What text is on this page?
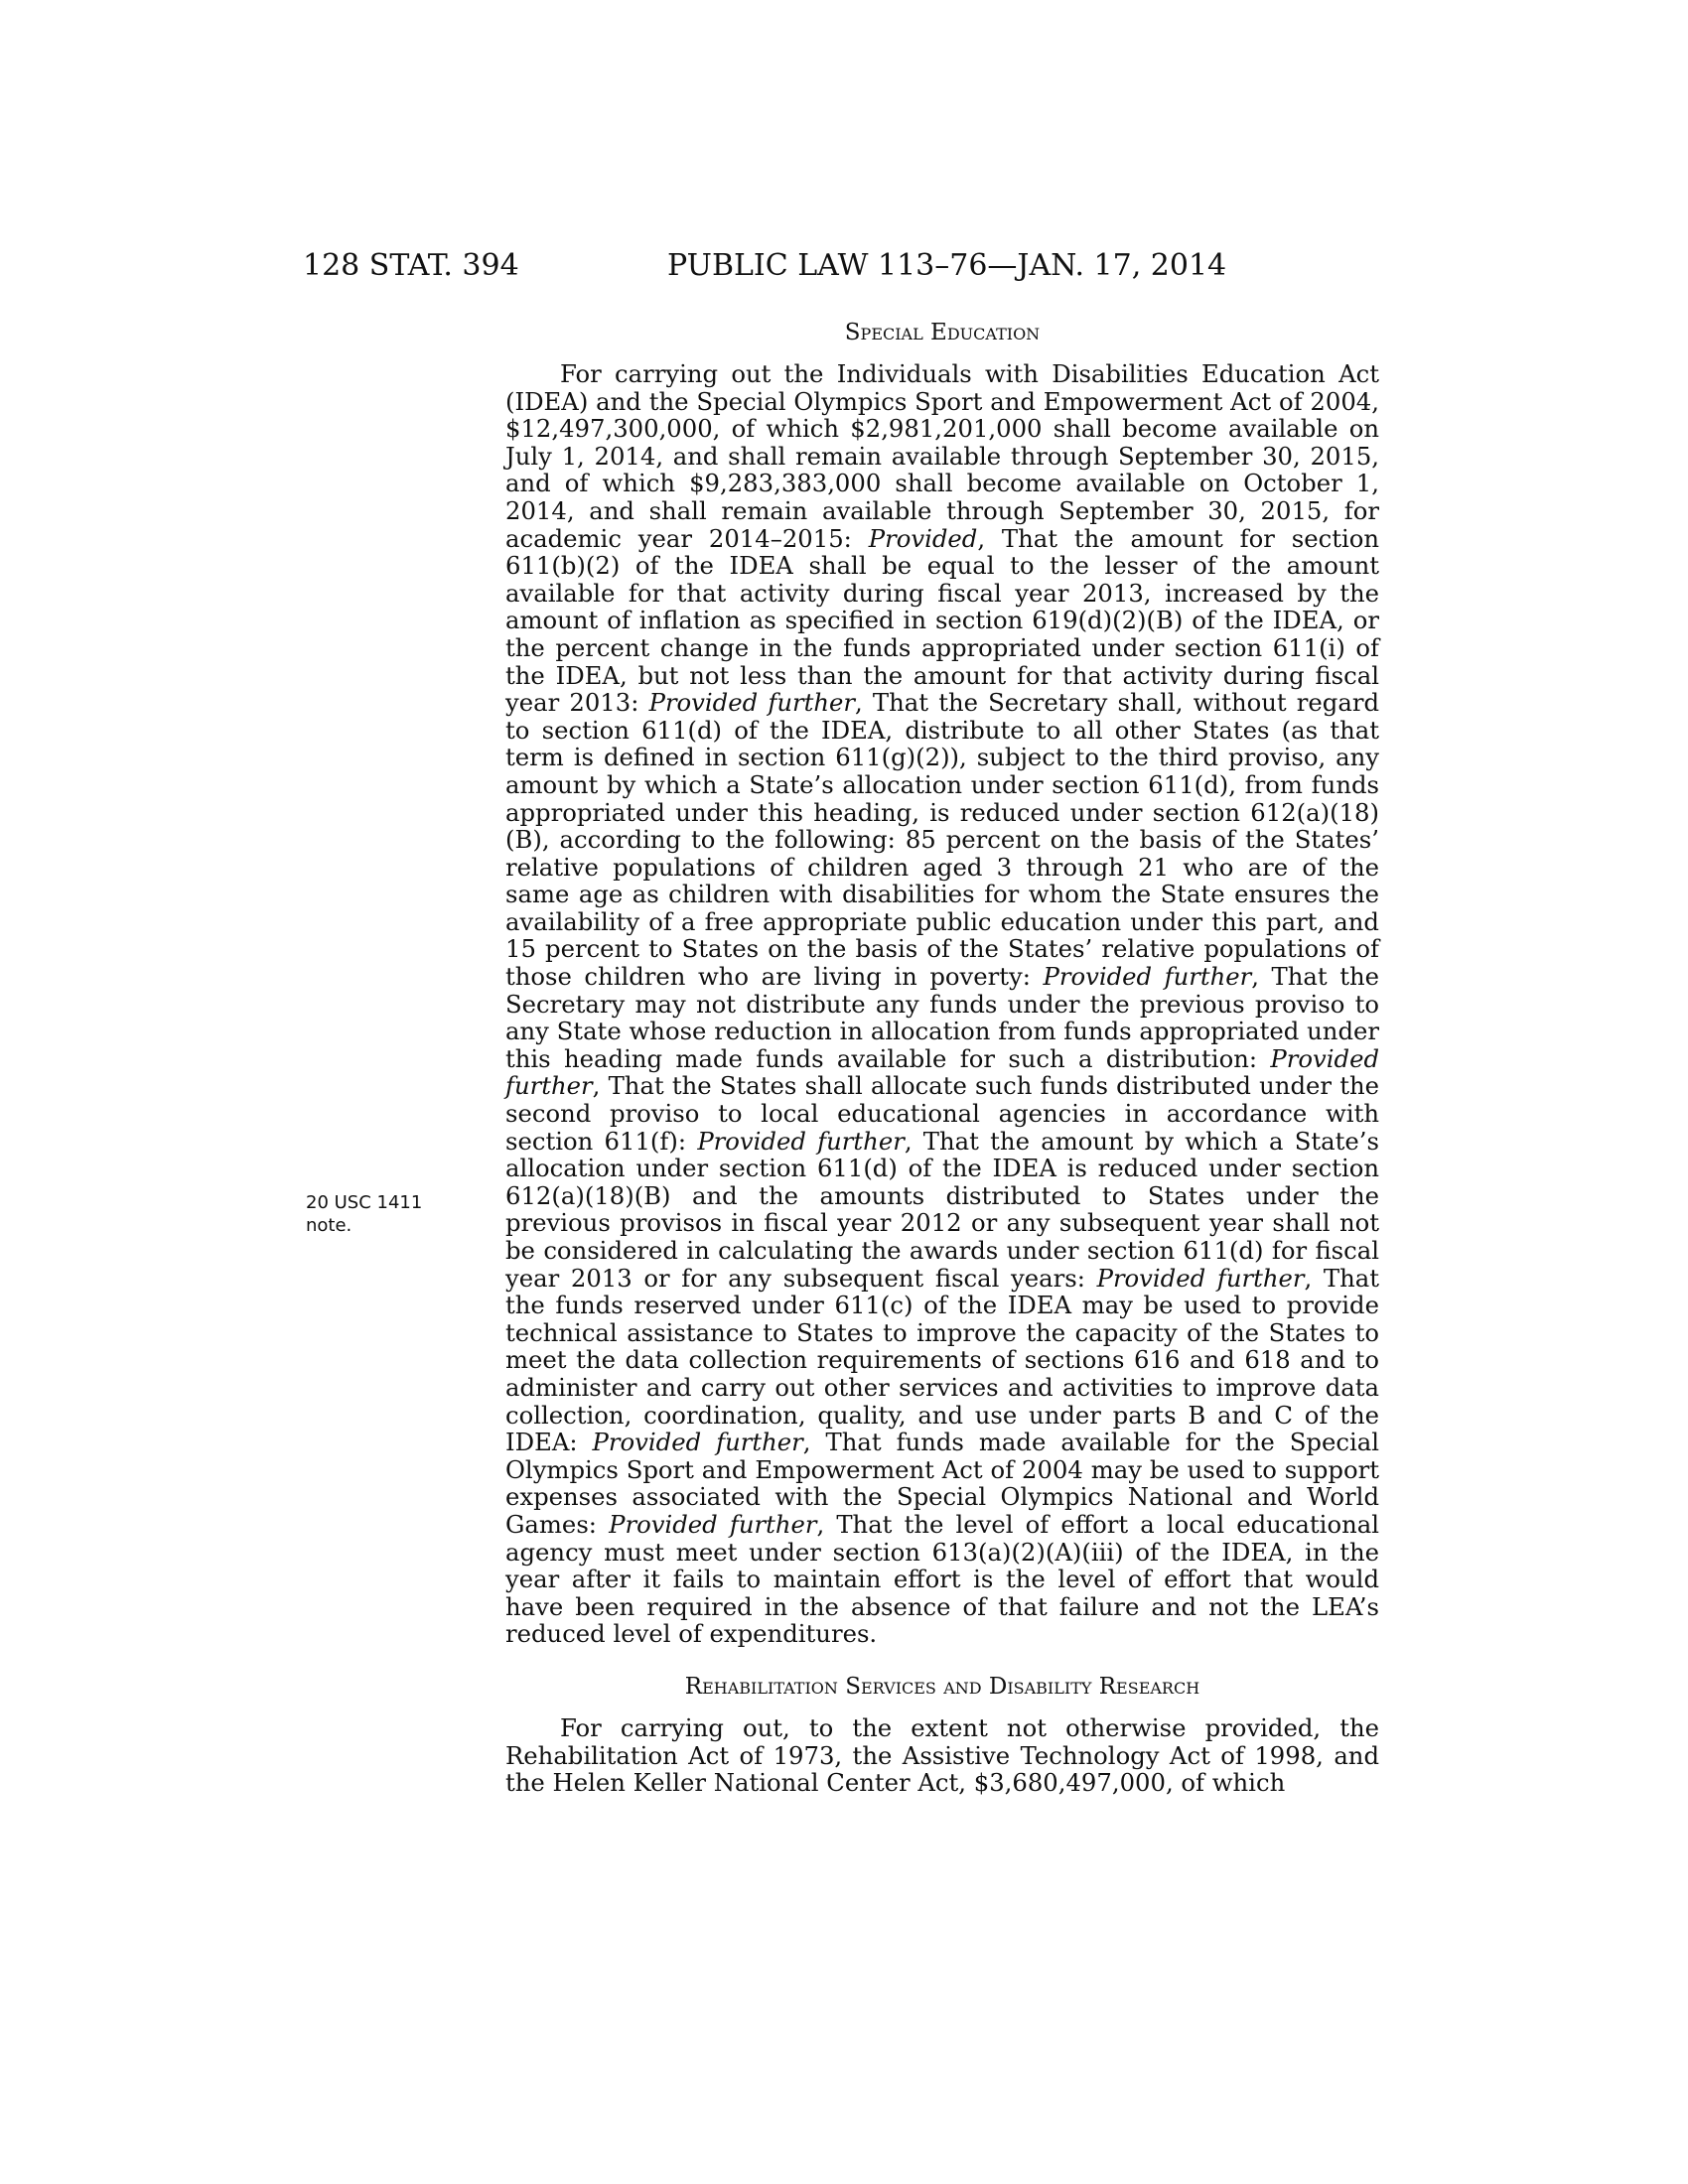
128 STAT. 394	PUBLIC LAW 113–76—JAN. 17, 2014
20 USC 1411
note.
Special Education

For carrying out the Individuals with Disabilities Education Act (IDEA) and the Special Olympics Sport and Empowerment Act of 2004, $12,497,300,000, of which $2,981,201,000 shall become available on July 1, 2014, and shall remain available through September 30, 2015, and of which $9,283,383,000 shall become available on October 1, 2014, and shall remain available through September 30, 2015, for academic year 2014–2015: Provided, That the amount for section 611(b)(2) of the IDEA shall be equal to the lesser of the amount available for that activity during fiscal year 2013, increased by the amount of inflation as specified in section 619(d)(2)(B) of the IDEA, or the percent change in the funds appropriated under section 611(i) of the IDEA, but not less than the amount for that activity during fiscal year 2013: Provided further, That the Secretary shall, without regard to section 611(d) of the IDEA, distribute to all other States (as that term is defined in section 611(g)(2)), subject to the third proviso, any amount by which a State’s allocation under section 611(d), from funds appropriated under this heading, is reduced under section 612(a)(18)(B), according to the following: 85 percent on the basis of the States’ relative populations of children aged 3 through 21 who are of the same age as children with disabilities for whom the State ensures the availability of a free appropriate public education under this part, and 15 percent to States on the basis of the States’ relative populations of those children who are living in poverty: Provided further, That the Secretary may not distribute any funds under the previous proviso to any State whose reduction in allocation from funds appropriated under this heading made funds available for such a distribution: Provided further, That the States shall allocate such funds distributed under the second proviso to local educational agencies in accordance with section 611(f): Provided further, That the amount by which a State’s allocation under section 611(d) of the IDEA is reduced under section 612(a)(18)(B) and the amounts distributed to States under the previous provisos in fiscal year 2012 or any subsequent year shall not be considered in calculating the awards under section 611(d) for fiscal year 2013 or for any subsequent fiscal years: Provided further, That the funds reserved under 611(c) of the IDEA may be used to provide technical assistance to States to improve the capacity of the States to meet the data collection requirements of sections 616 and 618 and to administer and carry out other services and activities to improve data collection, coordination, quality, and use under parts B and C of the IDEA: Provided further, That funds made available for the Special Olympics Sport and Empowerment Act of 2004 may be used to support expenses associated with the Special Olympics National and World Games: Provided further, That the level of effort a local educational agency must meet under section 613(a)(2)(A)(iii) of the IDEA, in the year after it fails to maintain effort is the level of effort that would have been required in the absence of that failure and not the LEA’s reduced level of expenditures.

Rehabilitation Services and Disability Research

For carrying out, to the extent not otherwise provided, the Rehabilitation Act of 1973, the Assistive Technology Act of 1998, and the Helen Keller National Center Act, $3,680,497,000, of which
